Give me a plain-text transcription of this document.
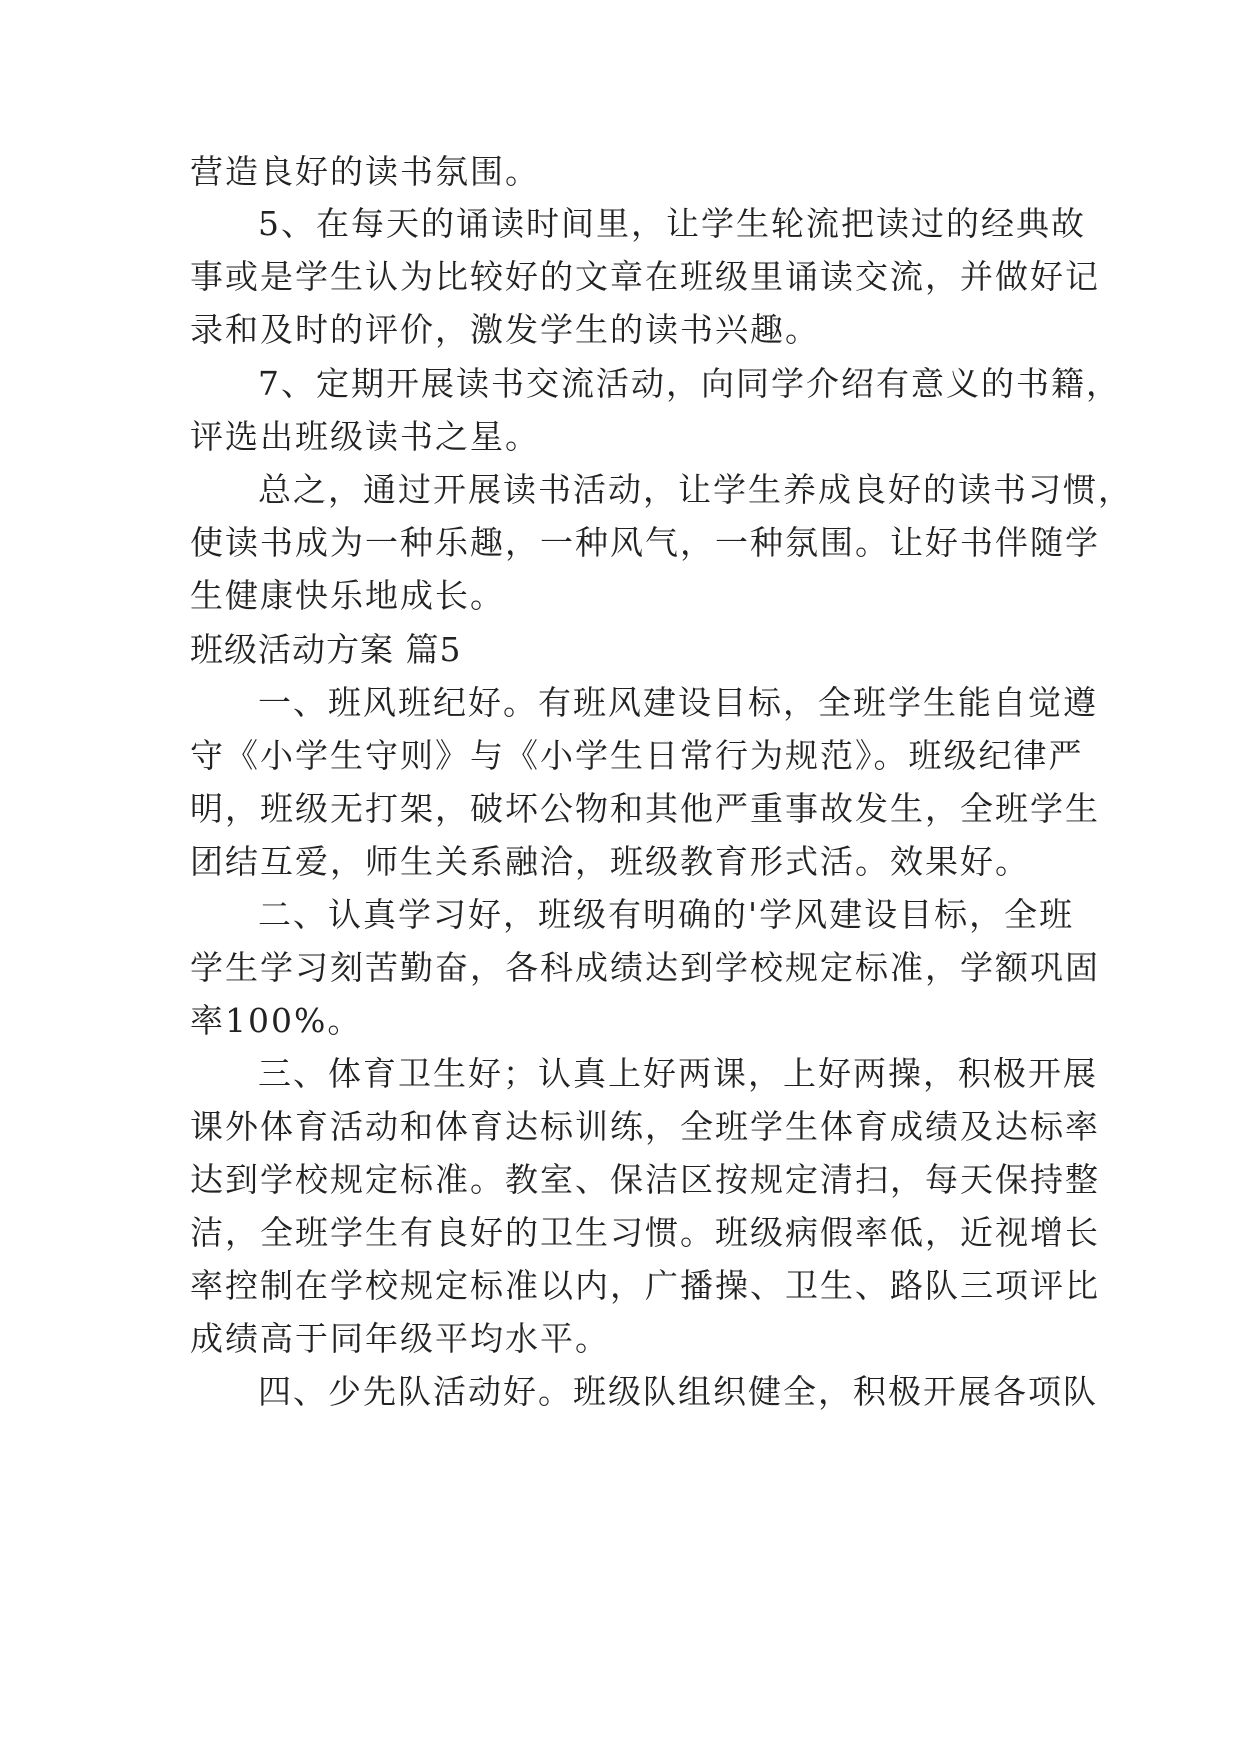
营造良好的读书氛围。
5、在每天的诵读时间里，让学生轮流把读过的经典故
事或是学生认为比较好的文章在班级里诵读交流，并做好记
录和及时的评价，激发学生的读书兴趣。
7、定期开展读书交流活动，向同学介绍有意义的书籍，
评选出班级读书之星。
总之，通过开展读书活动，让学生养成良好的读书习惯，
使读书成为一种乐趣，一种风气，一种氛围。让好书伴随学
生健康快乐地成长。
班级活动方案 篇5
一、班风班纪好。有班风建设目标，全班学生能自觉遵
守《小学生守则》与《小学生日常行为规范》。班级纪律严
明，班级无打架，破坏公物和其他严重事故发生，全班学生
团结互爱，师生关系融洽，班级教育形式活。效果好。
二、认真学习好，班级有明确的'学风建设目标，全班
学生学习刻苦勤奋，各科成绩达到学校规定标准，学额巩固
率100%。
三、体育卫生好；认真上好两课，上好两操，积极开展
课外体育活动和体育达标训练，全班学生体育成绩及达标率
达到学校规定标准。教室、保洁区按规定清扫，每天保持整
洁，全班学生有良好的卫生习惯。班级病假率低，近视增长
率控制在学校规定标准以内，广播操、卫生、路队三项评比
成绩高于同年级平均水平。
四、少先队活动好。班级队组织健全，积极开展各项队
